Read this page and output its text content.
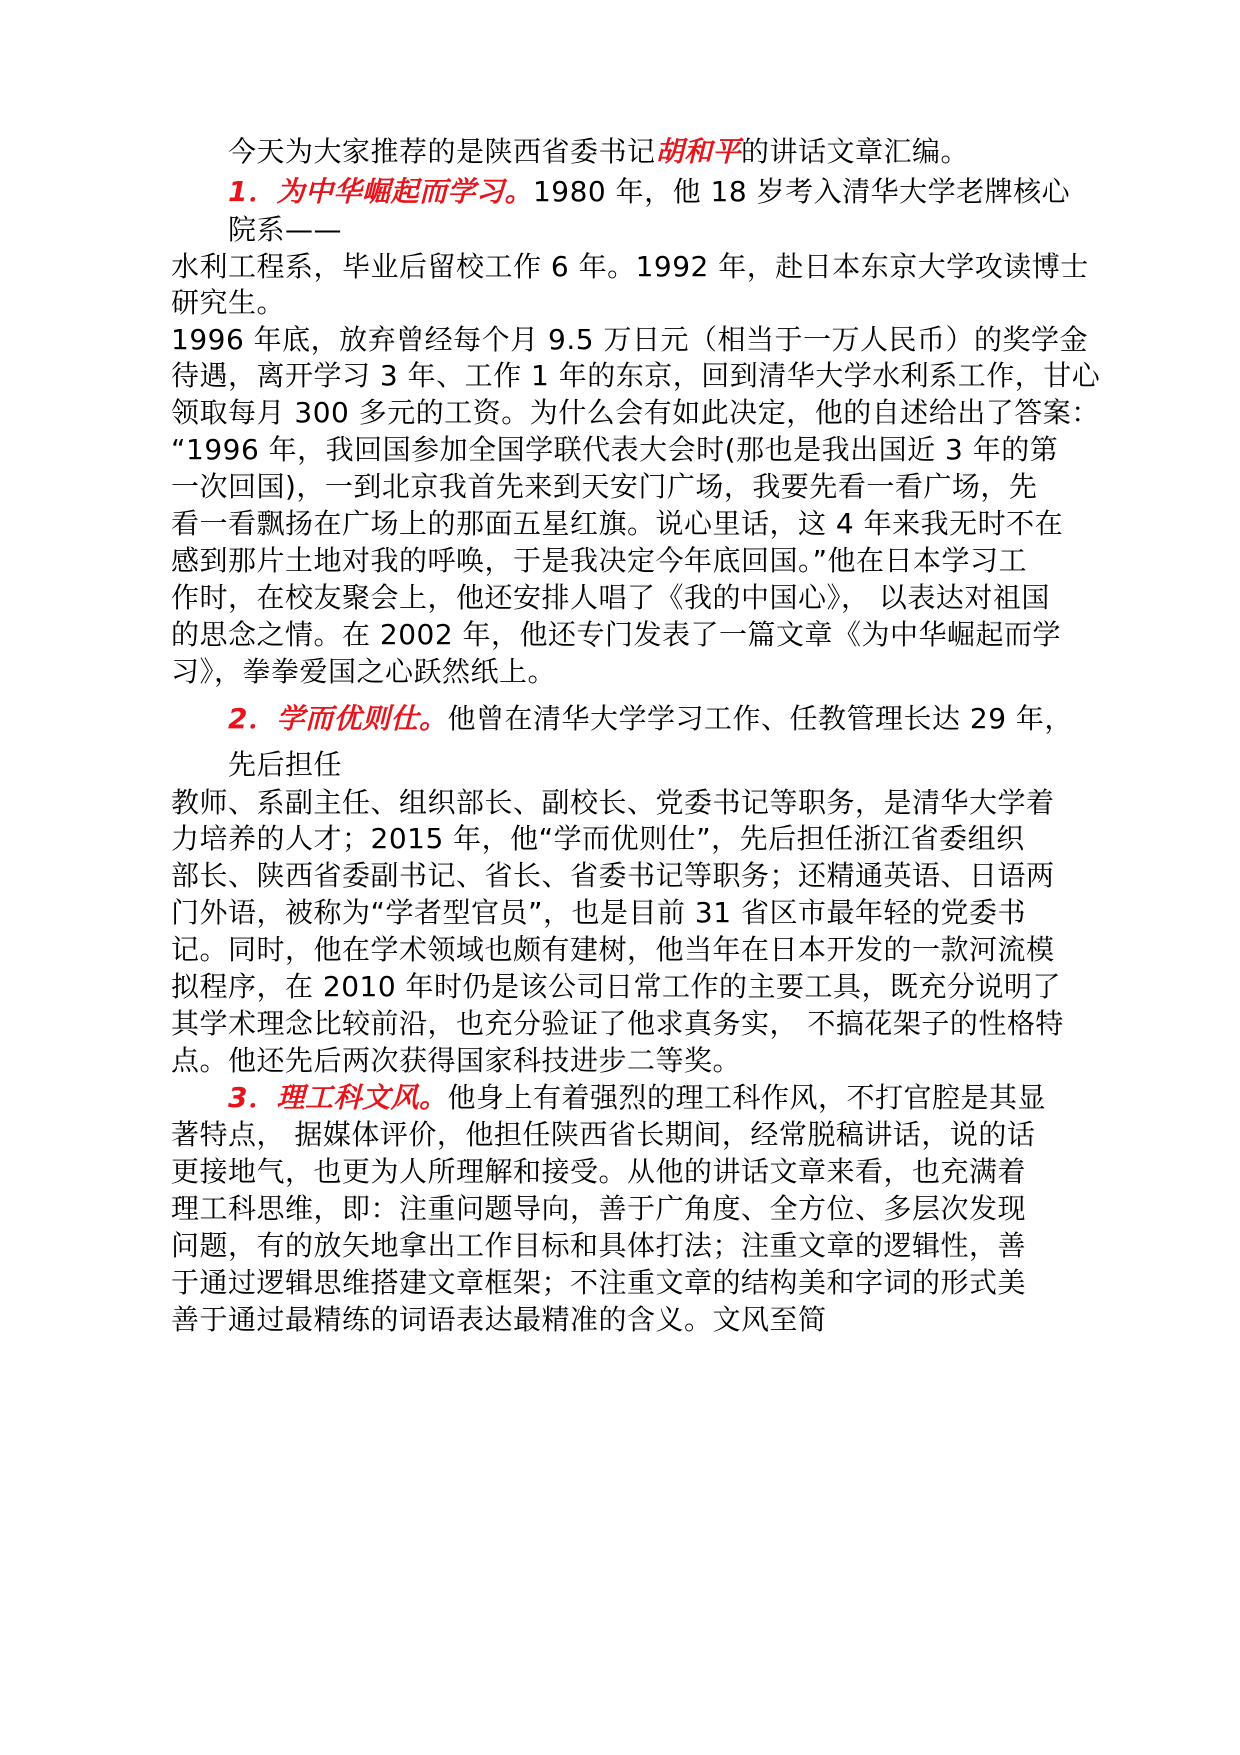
今天为大家推荐的是陕西省委书记胡和平的讲话文章汇编。
1．为中华崛起而学习。1980 年，他 18 岁考入清华大学老牌核心
院系——
水利工程系，毕业后留校工作 6 年。1992 年，赴日本东京大学攻读博士
研究生。
1996 年底，放弃曾经每个月 9.5 万日元（相当于一万人民币）的奖学金
待遇，离开学习 3 年、工作 1 年的东京，回到清华大学水利系工作，甘心
领取每月 300 多元的工资。为什么会有如此决定，他的自述给出了答案：
“1996 年，我回国参加全国学联代表大会时(那也是我出国近 3 年的第
一次回国)，一到北京我首先来到天安门广场，我要先看一看广场，先
看一看飘扬在广场上的那面五星红旗。说心里话，这 4 年来我无时不在
感到那片土地对我的呼唤，于是我决定今年底回国。”他在日本学习工
作时，在校友聚会上，他还安排人唱了《我的中国心》， 以表达对祖国
的思念之情。在 2002 年，他还专门发表了一篇文章《为中华崛起而学
习》，拳拳爱国之心跃然纸上。
2．学而优则仕。他曾在清华大学学习工作、任教管理长达 29 年，
先后担任
教师、系副主任、组织部长、副校长、党委书记等职务，是清华大学着
力培养的人才；2015 年，他“学而优则仕”，先后担任浙江省委组织
部长、陕西省委副书记、省长、省委书记等职务；还精通英语、日语两
门外语，被称为“学者型官员”，也是目前 31 省区市最年轻的党委书
记。同时，他在学术领域也颇有建树，他当年在日本开发的一款河流模
拟程序，在 2010 年时仍是该公司日常工作的主要工具，既充分说明了
其学术理念比较前沿，也充分验证了他求真务实， 不搞花架子的性格特
点。他还先后两次获得国家科技进步二等奖。
3．理工科文风。他身上有着强烈的理工科作风，不打官腔是其显
著特点， 据媒体评价，他担任陕西省长期间，经常脱稿讲话，说的话
更接地气，也更为人所理解和接受。从他的讲话文章来看，也充满着
理工科思维，即：注重问题导向，善于广角度、全方位、多层次发现
问题，有的放矢地拿出工作目标和具体打法；注重文章的逻辑性，善
于通过逻辑思维搭建文章框架；不注重文章的结构美和字词的形式美
善于通过最精练的词语表达最精准的含义。文风至简
